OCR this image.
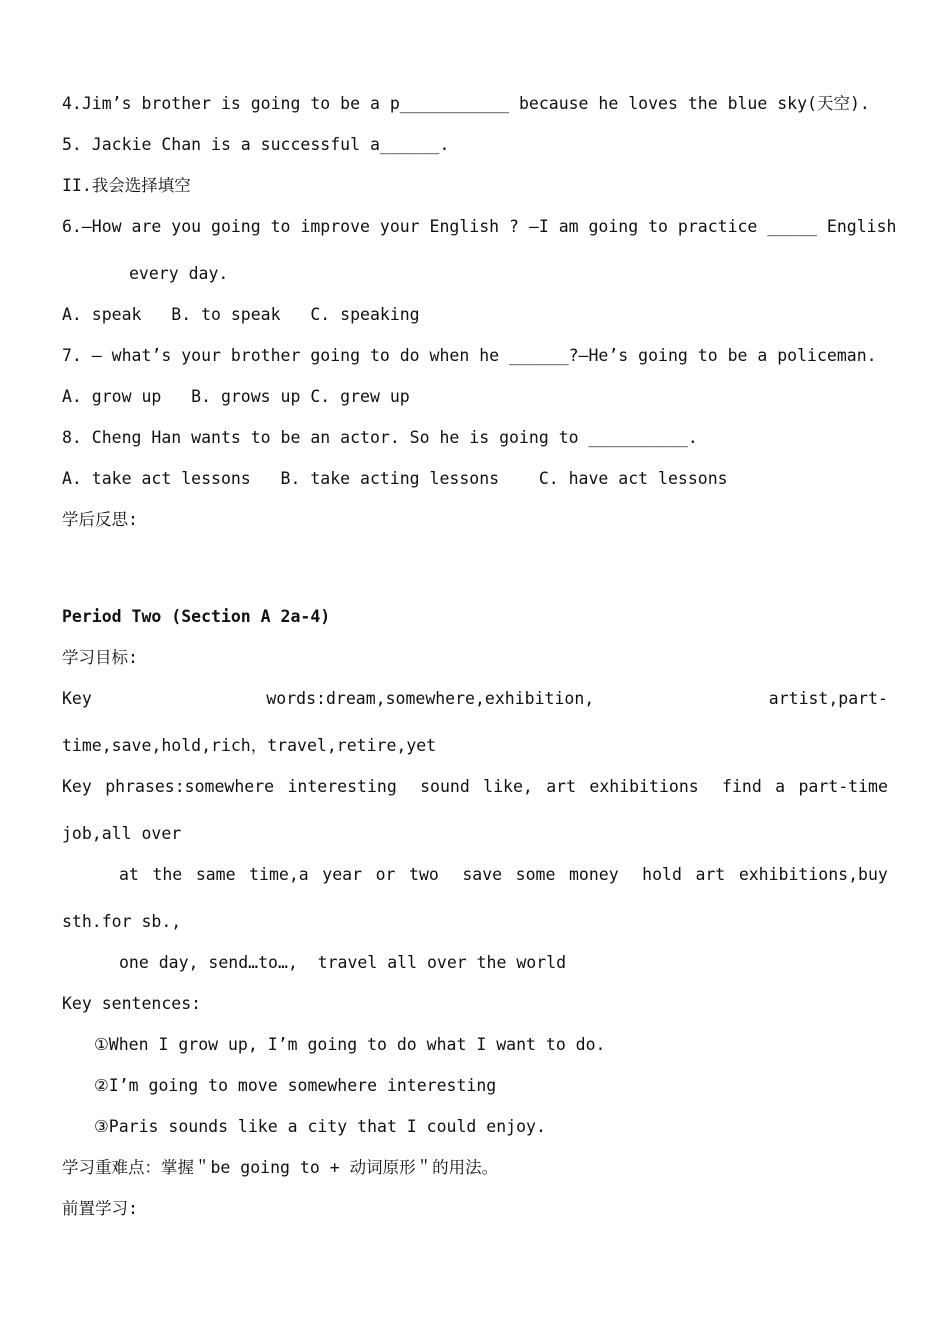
4.Jim’s brother is going to be a p___________ because he loves the blue sky(天空).
5. Jackie Chan is a successful a______.
II.我会选择填空
6.—How are you going to improve your English ? —I am going to practice _____ English
every day.
A. speak   B. to speak   C. speaking
7. — what’s your brother going to do when he ______?—He’s going to be a policeman.
A. grow up   B. grows up C. grew up
8. Cheng Han wants to be an actor. So he is going to __________.
A. take act lessons   B. take acting lessons    C. have act lessons
学后反思:
Period Two (Section A 2a-4)
学习目标:
Key	words:dream,somewhere,exhibition,	artist,part-
time,save,hold,rich，travel,retire,yet
Key phrases:somewhere interesting sound like, art exhibitions find a part-time
job,all over
at the same time,a year or two save some money hold art exhibitions,buy
sth.for sb.,
one day, send…to…,  travel all over the world
Key sentences:
①When I grow up, I’m going to do what I want to do.
②I’m going to move somewhere interesting
③Paris sounds like a city that I could enjoy.
学习重难点：掌握＂be going to + 动词原形＂的用法。
前置学习:
